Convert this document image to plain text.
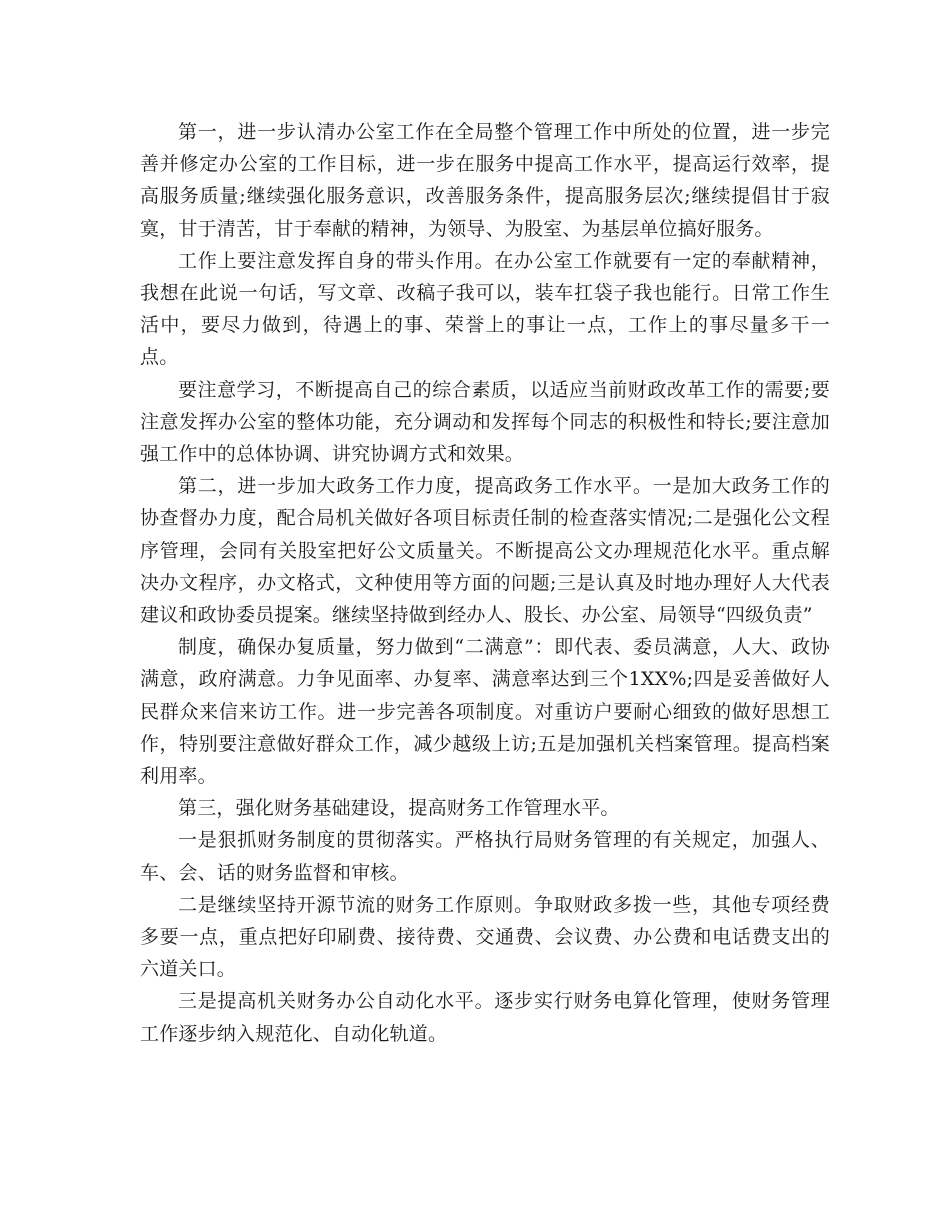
第一，进一步认清办公室工作在全局整个管理工作中所处的位置，进一步完善并修定办公室的工作目标，进一步在服务中提高工作水平，提高运行效率，提高服务质量;继续强化服务意识，改善服务条件，提高服务层次;继续提倡甘于寂寞，甘于清苦，甘于奉献的精神，为领导、为股室、为基层单位搞好服务。

工作上要注意发挥自身的带头作用。在办公室工作就要有一定的奉献精神，我想在此说一句话，写文章、改稿子我可以，装车扛袋子我也能行。日常工作生活中，要尽力做到，待遇上的事、荣誉上的事让一点，工作上的事尽量多干一点。

要注意学习，不断提高自己的综合素质，以适应当前财政改革工作的需要;要注意发挥办公室的整体功能，充分调动和发挥每个同志的积极性和特长;要注意加强工作中的总体协调、讲究协调方式和效果。

第二，进一步加大政务工作力度，提高政务工作水平。一是加大政务工作的协查督办力度，配合局机关做好各项目标责任制的检查落实情况;二是强化公文程序管理，会同有关股室把好公文质量关。不断提高公文办理规范化水平。重点解决办文程序，办文格式，文种使用等方面的问题;三是认真及时地办理好人大代表建议和政协委员提案。继续坚持做到经办人、股长、办公室、局领导“四级负责”

制度，确保办复质量，努力做到“二满意”：即代表、委员满意，人大、政协满意，政府满意。力争见面率、办复率、满意率达到三个1XX%;四是妥善做好人民群众来信来访工作。进一步完善各项制度。对重访户要耐心细致的做好思想工作，特别要注意做好群众工作，减少越级上访;五是加强机关档案管理。提高档案利用率。

第三，强化财务基础建设，提高财务工作管理水平。

一是狠抓财务制度的贯彻落实。严格执行局财务管理的有关规定，加强人、车、会、话的财务监督和审核。

二是继续坚持开源节流的财务工作原则。争取财政多拨一些，其他专项经费多要一点，重点把好印刷费、接待费、交通费、会议费、办公费和电话费支出的六道关口。

三是提高机关财务办公自动化水平。逐步实行财务电算化管理，使财务管理工作逐步纳入规范化、自动化轨道。
